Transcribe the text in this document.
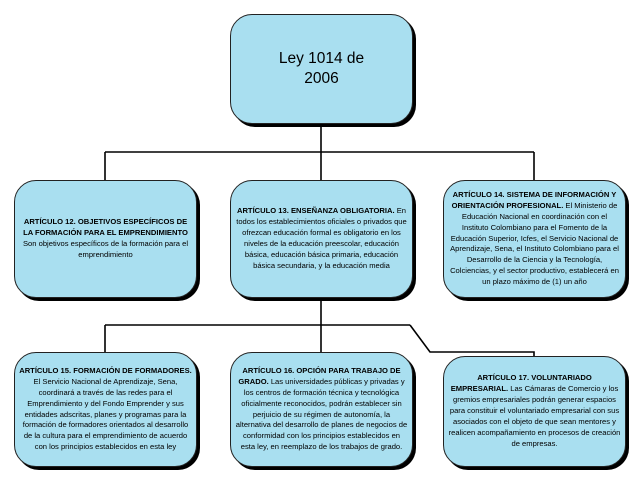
Ley 1014 de 2006
ARTÍCULO 12. OBJETIVOS ESPECÍFICOS DE LA FORMACIÓN PARA EL EMPRENDIMIENTO Son objetivos específicos de la formación para el emprendimiento
ARTÍCULO 13. ENSEÑANZA OBLIGATORIA. En todos los establecimientos oficiales o privados que ofrezcan educación formal es obligatorio en los niveles de la educación preescolar, educación básica, educación básica primaria, educación básica secundaria, y la educación media
ARTÍCULO 14. SISTEMA DE INFORMACIÓN Y ORIENTACIÓN PROFESIONAL. El Ministerio de Educación Nacional en coordinación con el Instituto Colombiano para el Fomento de la Educación Superior, Icfes, el Servicio Nacional de Aprendizaje, Sena, el Instituto Colombiano para el Desarrollo de la Ciencia y la Tecnología, Colciencias, y el sector productivo, establecerá en un plazo máximo de (1) un año
ARTÍCULO 15. FORMACIÓN DE FORMADORES. El Servicio Nacional de Aprendizaje, Sena, coordinará a través de las redes para el Emprendimiento y del Fondo Emprender y sus entidades adscritas, planes y programas para la formación de formadores orientados al desarrollo de la cultura para el emprendimiento de acuerdo con los principios establecidos en esta ley
ARTÍCULO 16. OPCIÓN PARA TRABAJO DE GRADO. Las universidades públicas y privadas y los centros de formación técnica y tecnológica oficialmente reconocidos, podrán establecer sin perjuicio de su régimen de autonomía, la alternativa del desarrollo de planes de negocios de conformidad con los principios establecidos en esta ley, en reemplazo de los trabajos de grado.
ARTÍCULO 17. VOLUNTARIADO EMPRESARIAL. Las Cámaras de Comercio y los gremios empresariales podrán generar espacios para constituir el voluntariado empresarial con sus asociados con el objeto de que sean mentores y realicen acompañamiento en procesos de creación de empresas.
